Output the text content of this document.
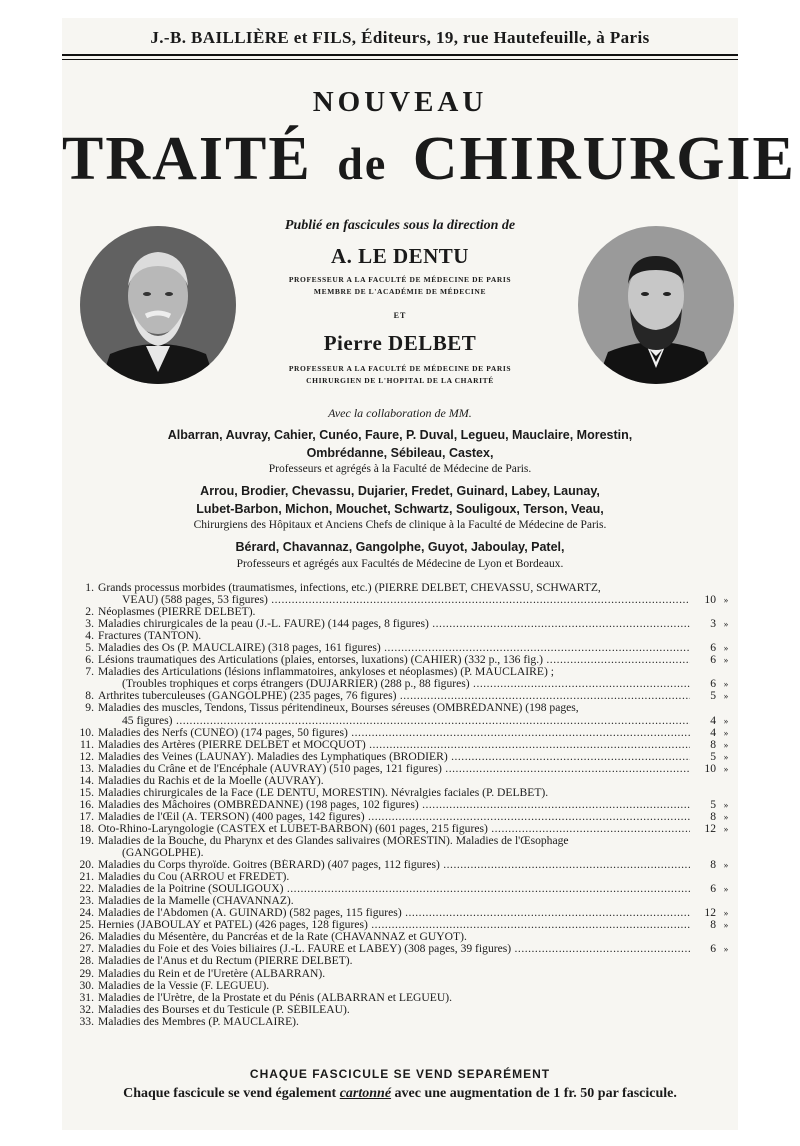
J.-B. BAILLIÈRE et FILS, Éditeurs, 19, rue Hautefeuille, à Paris
NOUVEAU
TRAITÉ de CHIRURGIE
Publié en fascicules sous la direction de
A. LE DENTU
PROFESSEUR A LA FACULTÉ DE MÉDECINE DE PARIS
MEMBRE DE L'ACADÉMIE DE MÉDECINE
ET
Pierre DELBET
PROFESSEUR A LA FACULTÉ DE MÉDECINE DE PARIS
CHIRURGIEN DE L'HOPITAL DE LA CHARITÉ
Avec la collaboration de MM.
Albarran, Auvray, Cahier, Cunéo, Faure, P. Duval, Legueu, Mauclaire, Morestin,
Ombrédanne, Sébileau, Castex,
Professeurs et agrégés à la Faculté de Médecine de Paris.
Arrou, Brodier, Chevassu, Dujarier, Fredet, Guinard, Labey, Launay,
Lubet-Barbon, Michon, Mouchet, Schwartz, Souligoux, Terson, Veau,
Chirurgiens des Hôpitaux et Anciens Chefs de clinique à la Faculté de Médecine de Paris.
Bérard, Chavannaz, Gangolphe, Guyot, Jaboulay, Patel,
Professeurs et agrégés aux Facultés de Médecine de Lyon et Bordeaux.
1. Grands processus morbides (traumatismes, infections, etc.) (PIERRE DELBET, CHEVASSU, SCHWARTZ,
VEAU) (588 pages, 53 figures) .....	10 »
2. Néoplasmes (PIERRE DELBET).
3. Maladies chirurgicales de la peau (J.-L. FAURE) (144 pages, 8 figures) .....	3 »
4. Fractures (TANTON).
5. Maladies des Os (P. MAUCLAIRE) (318 pages, 161 figures) .....	6 »
6. Lésions traumatiques des Articulations (plaies, entorses, luxations) (CAHIER) (332 p., 136 fig.) .....	6 »
7. Maladies des Articulations (lésions inflammatoires, ankyloses et néoplasmes) (P. MAUCLAIRE) ;
(Troubles trophiques et corps étrangers (DUJARRIER) (288 p., 88 figures) .....	6 »
8. Arthrites tuberculeuses (GANGOLPHE) (235 pages, 76 figures) .....	5 »
9. Maladies des muscles, Tendons, Tissus péritendineux, Bourses séreuses (OMBRÉDANNE) (198 pages,
45 figures) .....	4 »
10. Maladies des Nerfs (CUNÉO) (174 pages, 50 figures) .....	4 »
11. Maladies des Artères (PIERRE DELBET et MOCQUOT) .....	8 »
12. Maladies des Veines (LAUNAY). Maladies des Lymphatiques (BRODIER) .....	5 »
13. Maladies du Crâne et de l'Encéphale (AUVRAY) (510 pages, 121 figures) .....	10 »
14. Maladies du Rachis et de la Moelle (AUVRAY).
15. Maladies chirurgicales de la Face (LE DENTU, MORESTIN). Névralgies faciales (P. DELBET).
16. Maladies des Mâchoires (OMBRÉDANNE) (198 pages, 102 figures) .....	5 »
17. Maladies de l'Œil (A. TERSON) (400 pages, 142 figures) .....	8 »
18. Oto-Rhino-Laryngologie (CASTEX et LUBET-BARBON) (601 pages, 215 figures) .....	12 »
19. Maladies de la Bouche, du Pharynx et des Glandes salivaires (MORESTIN). Maladies de l'Œsophage
(GANGOLPHE).
20. Maladies du Corps thyroïde. Goitres (BÉRARD) (407 pages, 112 figures) .....	8 »
21. Maladies du Cou (ARROU et FREDET).
22. Maladies de la Poitrine (SOULIGOUX) .....	6 »
23. Maladies de la Mamelle (CHAVANNAZ).
24. Maladies de l'Abdomen (A. GUINARD) (582 pages, 115 figures) .....	12 »
25. Hernies (JABOULAY et PATEL) (426 pages, 128 figures) .....	8 »
26. Maladies du Mésentère, du Pancréas et de la Rate (CHAVANNAZ et GUYOT).
27. Maladies du Foie et des Voies biliaires (J.-L. FAURE et LABEY) (308 pages, 39 figures) .....	6 »
28. Maladies de l'Anus et du Rectum (PIERRE DELBET).
29. Maladies du Rein et de l'Uretère (ALBARRAN).
30. Maladies de la Vessie (F. LEGUEU).
31. Maladies de l'Urètre, de la Prostate et du Pénis (ALBARRAN et LEGUEU).
32. Maladies des Bourses et du Testicule (P. SÉBILEAU).
33. Maladies des Membres (P. MAUCLAIRE).
CHAQUE FASCICULE SE VEND SEPARÉMENT
Chaque fascicule se vend également cartonné avec une augmentation de 1 fr. 50 par fascicule.
